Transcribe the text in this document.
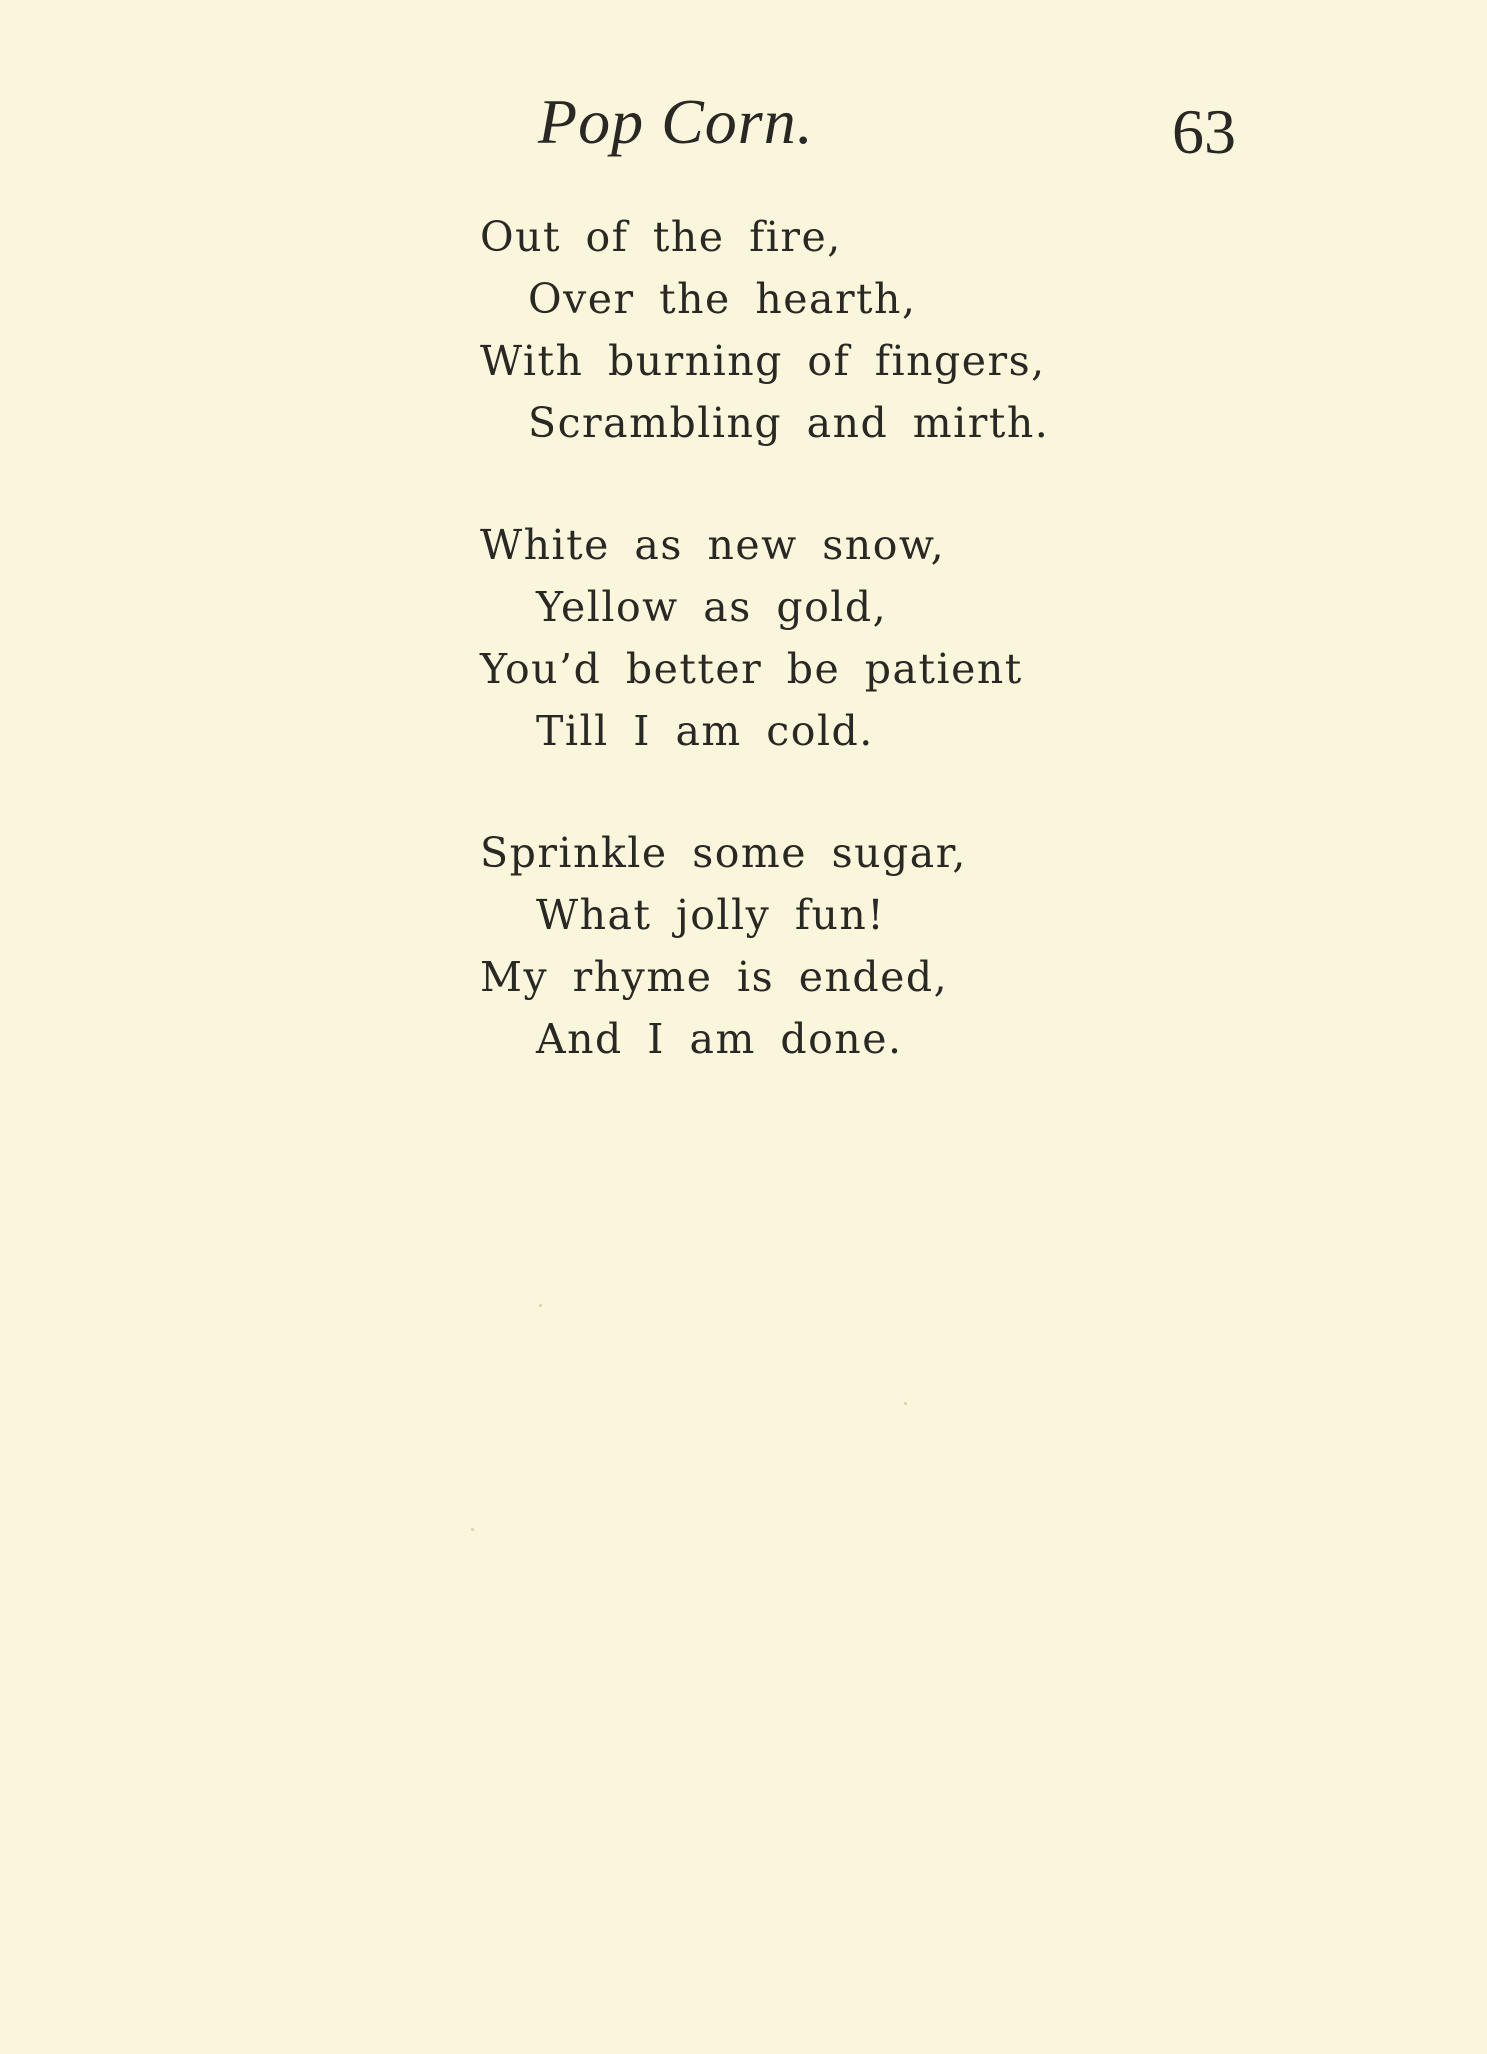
Pop Corn.	63
Out of the fire,
Over the hearth,
With burning of fingers,
Scrambling and mirth.
White as new snow,
Yellow as gold,
You’d better be patient
Till I am cold.
Sprinkle some sugar,
What jolly fun!
My rhyme is ended,
And I am done.
